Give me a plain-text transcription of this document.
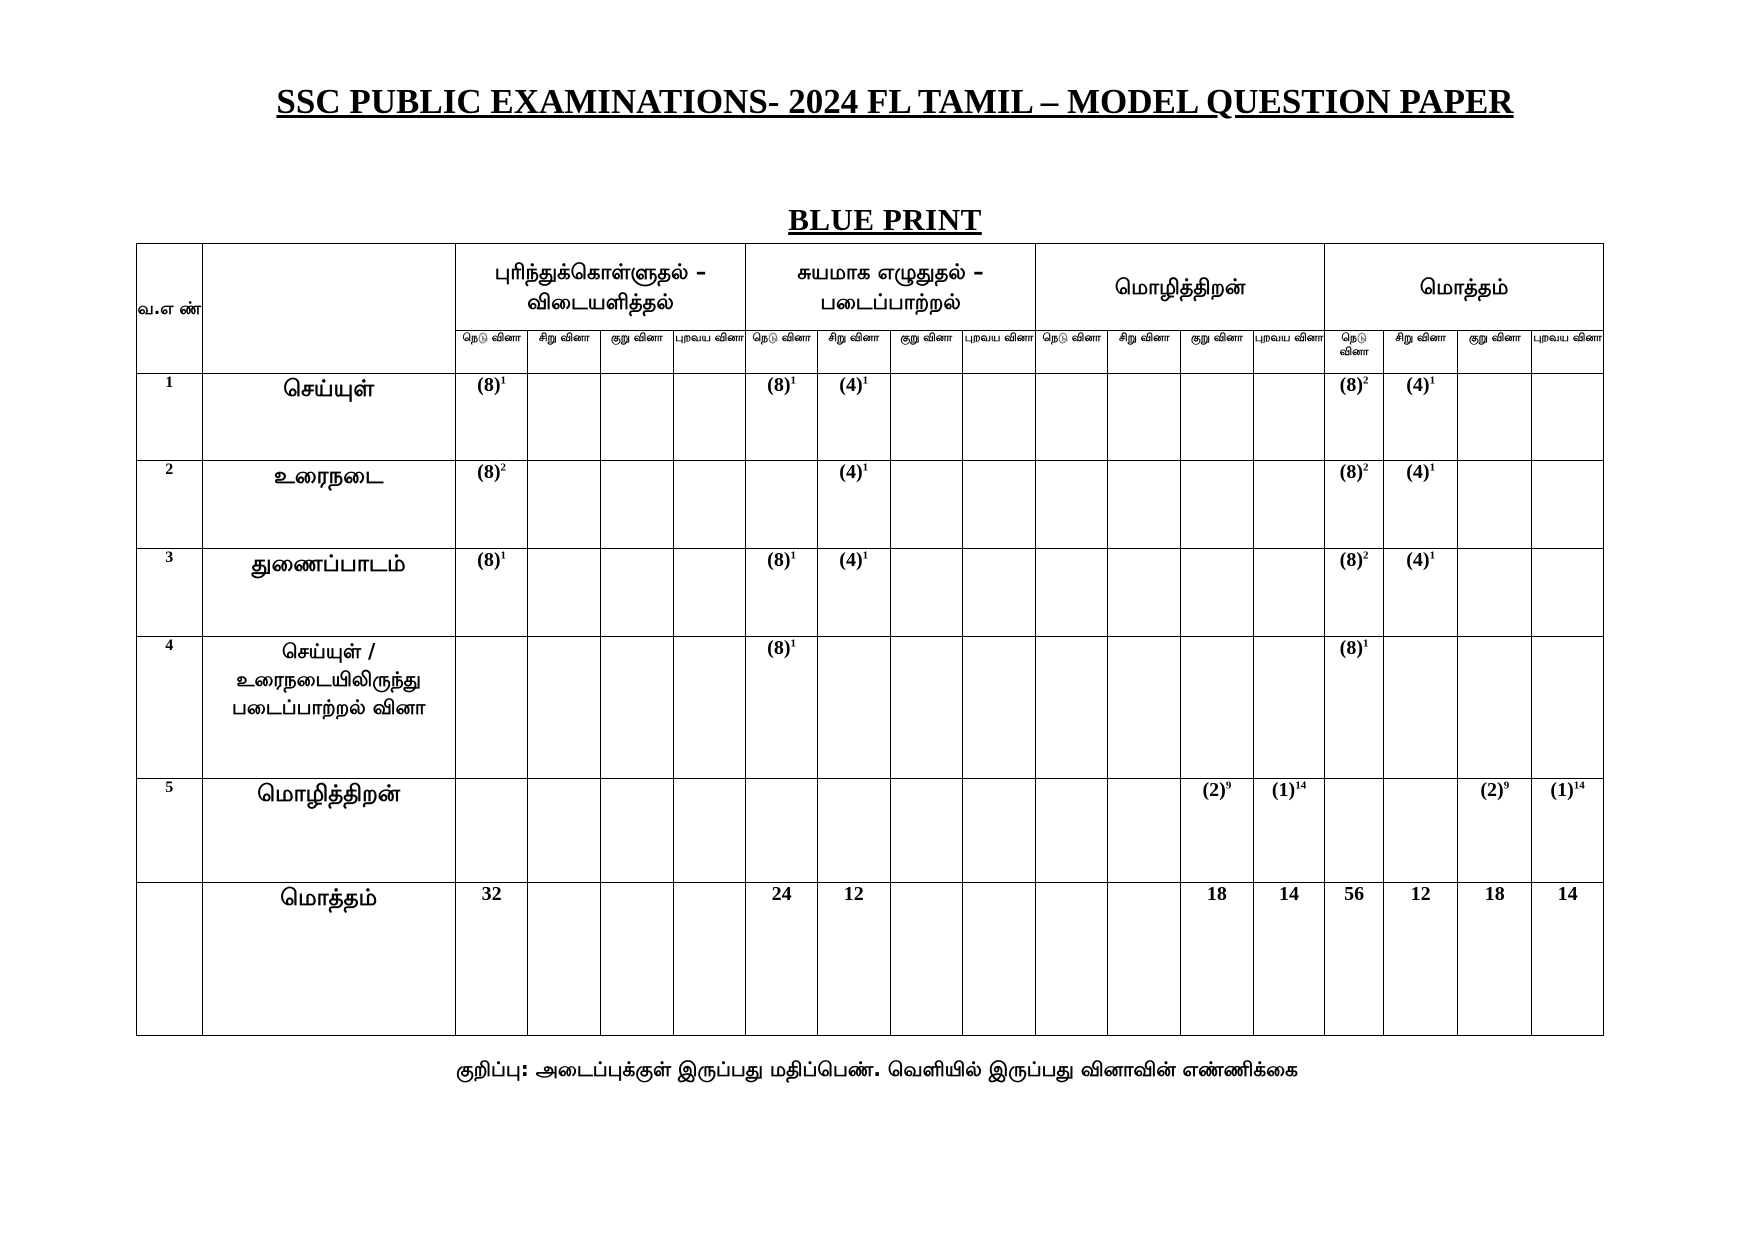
SSC PUBLIC EXAMINATIONS- 2024 FL TAMIL – MODEL QUESTION PAPER
BLUE PRINT
வ.எ ண்		புரிந்துக்கொள்ளுதல் – விடையளித்தல்				சுயமாக எழுதுதல் – படைப்பாற்றல்				மொழித்திறன்				மொத்தம்			
		நெடு வினா	சிறு வினா	குறு வினா	புறவய வினா	நெடு வினா	சிறு வினா	குறு வினா	புறவய வினா	நெடு வினா	சிறு வினா	குறு வினா	புறவய வினா	நெடு வினா	சிறு வினா	குறு வினா	புறவய வினா
1	செய்யுள்	$(8)^1$				$(8)^1$	$(4)^1$							$(8)^2$	$(4)^1$		
2	உரைநடை	$(8)^2$					$(4)^1$							$(8)^2$	$(4)^1$		
3	துணைப்பாடம்	$(8)^1$				$(8)^1$	$(4)^1$							$(8)^2$	$(4)^1$		
4	செய்யுள் / உரைநடையிலிருந்து படைப்பாற்றல் வினா					$(8)^1$								$(8)^1$			
5	மொழித்திறன்											$(2)^9$	$(1)^{14}$			$(2)^9$	$(1)^{14}$
	மொத்தம்	32				24	12					18	14	56	12	18	14
குறிப்பு: அடைப்புக்குள் இருப்பது மதிப்பெண். வெளியில் இருப்பது வினாவின் எண்ணிக்கை
